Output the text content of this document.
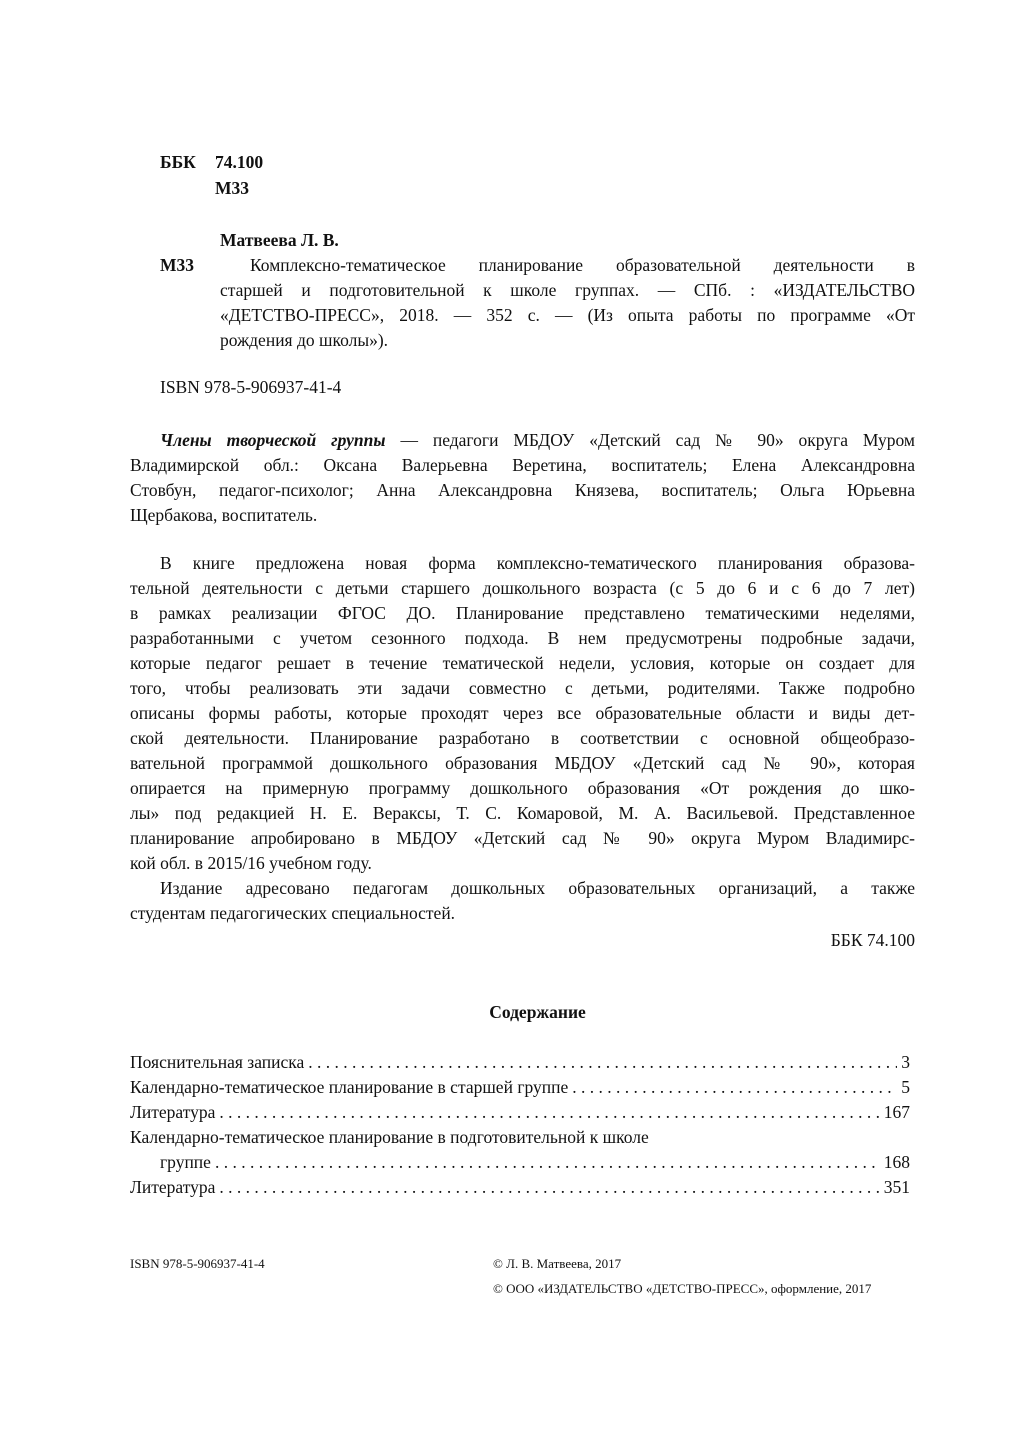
ББК 74.100
М33
Матвеева Л. В.
М33	Комплексно-тематическое планирование образовательной деятельности в
старшей и подготовительной к школе группах. — СПб. : «ИЗДАТЕЛЬСТВО
«ДЕТСТВО-ПРЕСС», 2018. — 352 с. — (Из опыта работы по программе «От
рождения до школы»).
ISBN 978-5-906937-41-4
Члены творческой группы — педагоги МБДОУ «Детский сад № 90» округа Муром
Владимирской обл.: Оксана Валерьевна Веретина, воспитатель; Елена Александровна
Стовбун, педагог-психолог; Анна Александровна Князева, воспитатель; Ольга Юрьевна
Щербакова, воспитатель.
В книге предложена новая форма комплексно-тематического планирования образова-
тельной деятельности с детьми старшего дошкольного возраста (с 5 до 6 и с 6 до 7 лет)
в рамках реализации ФГОС ДО. Планирование представлено тематическими неделями,
разработанными с учетом сезонного подхода. В нем предусмотрены подробные задачи,
которые педагог решает в течение тематической недели, условия, которые он создает для
того, чтобы реализовать эти задачи совместно с детьми, родителями. Также подробно
описаны формы работы, которые проходят через все образовательные области и виды дет-
ской деятельности. Планирование разработано в соответствии с основной общеобразо-
вательной программой дошкольного образования МБДОУ «Детский сад № 90», которая
опирается на примерную программу дошкольного образования «От рождения до шко-
лы» под редакцией Н. Е. Вераксы, Т. С. Комаровой, М. А. Васильевой. Представленное
планирование апробировано в МБДОУ «Детский сад № 90» округа Муром Владимирс-
кой обл. в 2015/16 учебном году.
Издание адресовано педагогам дошкольных образовательных организаций, а также
студентам педагогических специальностей.
ББК 74.100
Содержание
Пояснительная записка . . .	3
Календарно-тематическое планирование в старшей группе . . .	5
Литература . . .	167
Календарно-тематическое планирование в подготовительной к школе
группе . . .	168
Литература . . .	351
ISBN 978-5-906937-41-4	© Л. В. Матвеева, 2017
© ООО «ИЗДАТЕЛЬСТВО «ДЕТСТВО-ПРЕСС», оформление, 2017
